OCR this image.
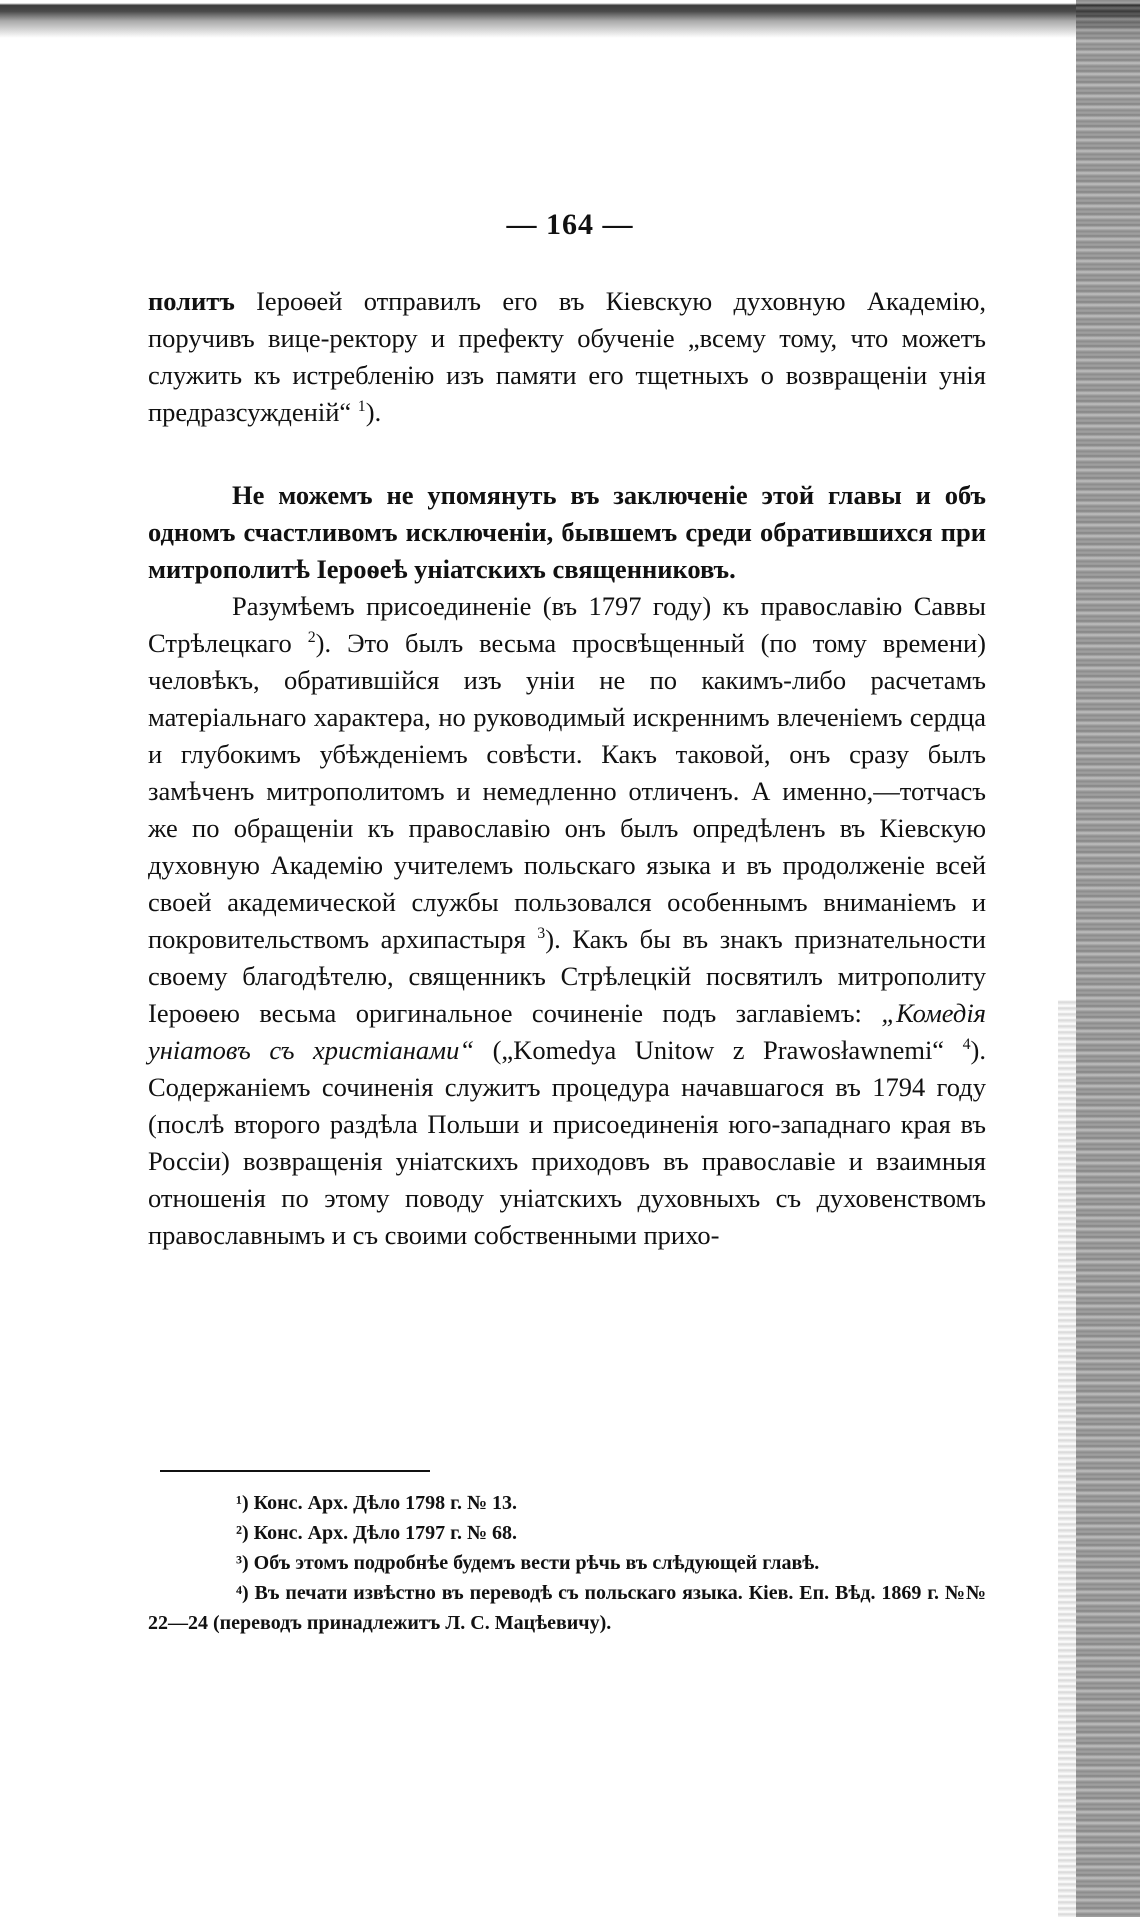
— 164 —

политъ Іероѳей отправилъ его въ Кіевскую духовную Академію, поручивъ вице-ректору и префекту обученіе „всему тому, что можетъ служить къ истребленію изъ памяти его тщетныхъ о возвращеніи унія предразсужденій“ $^1$).

Не можемъ не упомянуть въ заключеніе этой главы и объ одномъ счастливомъ исключеніи, бывшемъ среди обратившихся при митрополитѣ Іероѳеѣ уніатскихъ священниковъ.

Разумѣемъ присоединеніе (въ 1797 году) къ православію Саввы Стрѣлецкаго $^2$). Это былъ весьма просвѣщенный (по тому времени) человѣкъ, обратившійся изъ уніи не по какимъ-либо расчетамъ матеріальнаго характера, но руководимый искреннимъ влеченіемъ сердца и глубокимъ убѣжденіемъ совѣсти. Какъ таковой, онъ сразу былъ замѣченъ митрополитомъ и немедленно отличенъ. А именно,—тотчасъ же по обращеніи къ православію онъ былъ опредѣленъ въ Кіевскую духовную Академію учителемъ польскаго языка и въ продолженіе всей своей академической службы пользовался особеннымъ вниманіемъ и покровительствомъ архипастыря $^3$). Какъ бы въ знакъ признательности своему благодѣтелю, священникъ Стрѣлецкій посвятилъ митрополиту Іероѳею весьма оригинальное сочиненіе подъ заглавіемъ: „Комедія уніатовъ съ христіанами“ („Komedya Unitow z Prawosławnemi“ $^4$). Содержаніемъ сочиненія служитъ процедура начавшагося въ 1794 году (послѣ второго раздѣла Польши и присоединенія юго-западнаго края въ Россіи) возвращенія уніатскихъ приходовъ въ православіе и взаимныя отношенія по этому поводу уніатскихъ духовныхъ съ духовенствомъ православнымъ и съ своими собственными прихо-

¹) Конс. Арх. Дѣло 1798 г. № 13.

²) Конс. Арх. Дѣло 1797 г. № 68.

³) Объ этомъ подробнѣе будемъ вести рѣчь въ слѣдующей главѣ.

⁴) Въ печати извѣстно въ переводѣ съ польскаго языка. Кіев. Еп. Вѣд. 1869 г. №№ 22—24 (переводъ принадлежитъ Л. С. Мацѣевичу).
